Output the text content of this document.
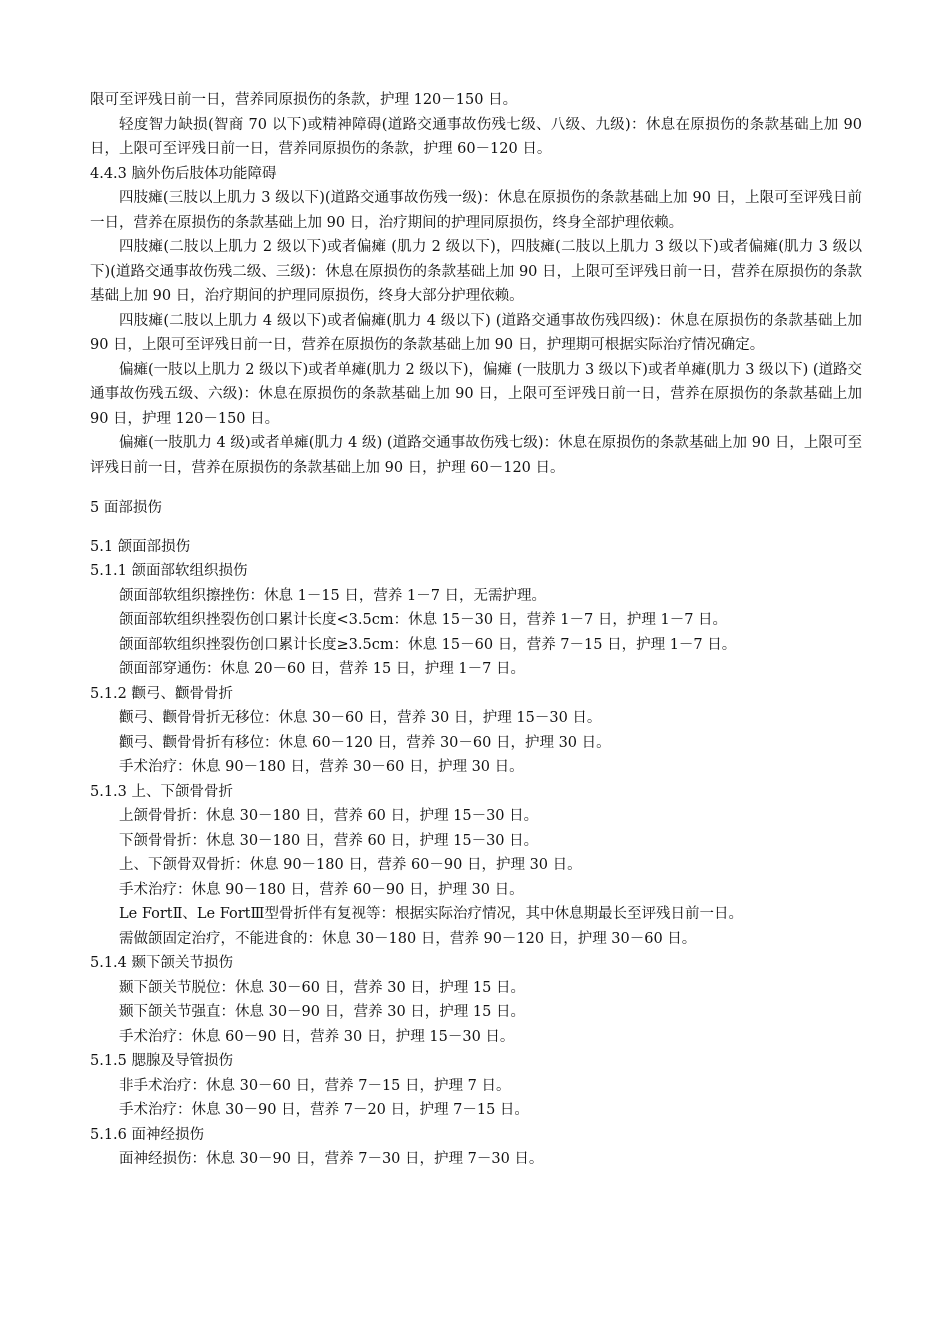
限可至评残日前一日，营养同原损伤的条款，护理 120－150 日。

轻度智力缺损(智商 70 以下)或精神障碍(道路交通事故伤残七级、八级、九级)：休息在原损伤的条款基础上加 90 日，上限可至评残日前一日，营养同原损伤的条款，护理 60－120 日。

4.4.3 脑外伤后肢体功能障碍

四肢瘫(三肢以上肌力 3 级以下)(道路交通事故伤残一级)：休息在原损伤的条款基础上加 90 日，上限可至评残日前一日，营养在原损伤的条款基础上加 90 日，治疗期间的护理同原损伤，终身全部护理依赖。

四肢瘫(二肢以上肌力 2 级以下)或者偏瘫 (肌力 2 级以下)，四肢瘫(二肢以上肌力 3 级以下)或者偏瘫(肌力 3 级以下)(道路交通事故伤残二级、三级)：休息在原损伤的条款基础上加 90 日，上限可至评残日前一日，营养在原损伤的条款基础上加 90 日，治疗期间的护理同原损伤，终身大部分护理依赖。

四肢瘫(二肢以上肌力 4 级以下)或者偏瘫(肌力 4 级以下) (道路交通事故伤残四级)：休息在原损伤的条款基础上加 90 日，上限可至评残日前一日，营养在原损伤的条款基础上加 90 日，护理期可根据实际治疗情况确定。

偏瘫(一肢以上肌力 2 级以下)或者单瘫(肌力 2 级以下)，偏瘫 (一肢肌力 3 级以下)或者单瘫(肌力 3 级以下) (道路交通事故伤残五级、六级)：休息在原损伤的条款基础上加 90 日，上限可至评残日前一日，营养在原损伤的条款基础上加 90 日，护理 120－150 日。

偏瘫(一肢肌力 4 级)或者单瘫(肌力 4 级) (道路交通事故伤残七级)：休息在原损伤的条款基础上加 90 日，上限可至评残日前一日，营养在原损伤的条款基础上加 90 日，护理 60－120 日。

5 面部损伤

5.1 颌面部损伤

5.1.1 颌面部软组织损伤

颌面部软组织擦挫伤：休息 1－15 日，营养 1－7 日，无需护理。

颌面部软组织挫裂伤创口累计长度<3.5cm：休息 15－30 日，营养 1－7 日，护理 1－7 日。

颌面部软组织挫裂伤创口累计长度≥3.5cm：休息 15－60 日，营养 7－15 日，护理 1－7 日。

颌面部穿通伤：休息 20－60 日，营养 15 日，护理 1－7 日。

5.1.2 颧弓、颧骨骨折

颧弓、颧骨骨折无移位：休息 30－60 日，营养 30 日，护理 15－30 日。

颧弓、颧骨骨折有移位：休息 60－120 日，营养 30－60 日，护理 30 日。

手术治疗：休息 90－180 日，营养 30－60 日，护理 30 日。

5.1.3 上、下颌骨骨折

上颌骨骨折：休息 30－180 日，营养 60 日，护理 15－30 日。

下颌骨骨折：休息 30－180 日，营养 60 日，护理 15－30 日。

上、下颌骨双骨折：休息 90－180 日，营养 60－90 日，护理 30 日。

手术治疗：休息 90－180 日，营养 60－90 日，护理 30 日。

Le FortⅡ、Le FortⅢ型骨折伴有复视等：根据实际治疗情况，其中休息期最长至评残日前一日。

需做颌固定治疗，不能进食的：休息 30－180 日，营养 90－120 日，护理 30－60 日。

5.1.4 颞下颌关节损伤

颞下颌关节脱位：休息 30－60 日，营养 30 日，护理 15 日。

颞下颌关节强直：休息 30－90 日，营养 30 日，护理 15 日。

手术治疗：休息 60－90 日，营养 30 日，护理 15－30 日。

5.1.5 腮腺及导管损伤

非手术治疗：休息 30－60 日，营养 7－15 日，护理 7 日。

手术治疗：休息 30－90 日，营养 7－20 日，护理 7－15 日。

5.1.6 面神经损伤

面神经损伤：休息 30－90 日，营养 7－30 日，护理 7－30 日。
